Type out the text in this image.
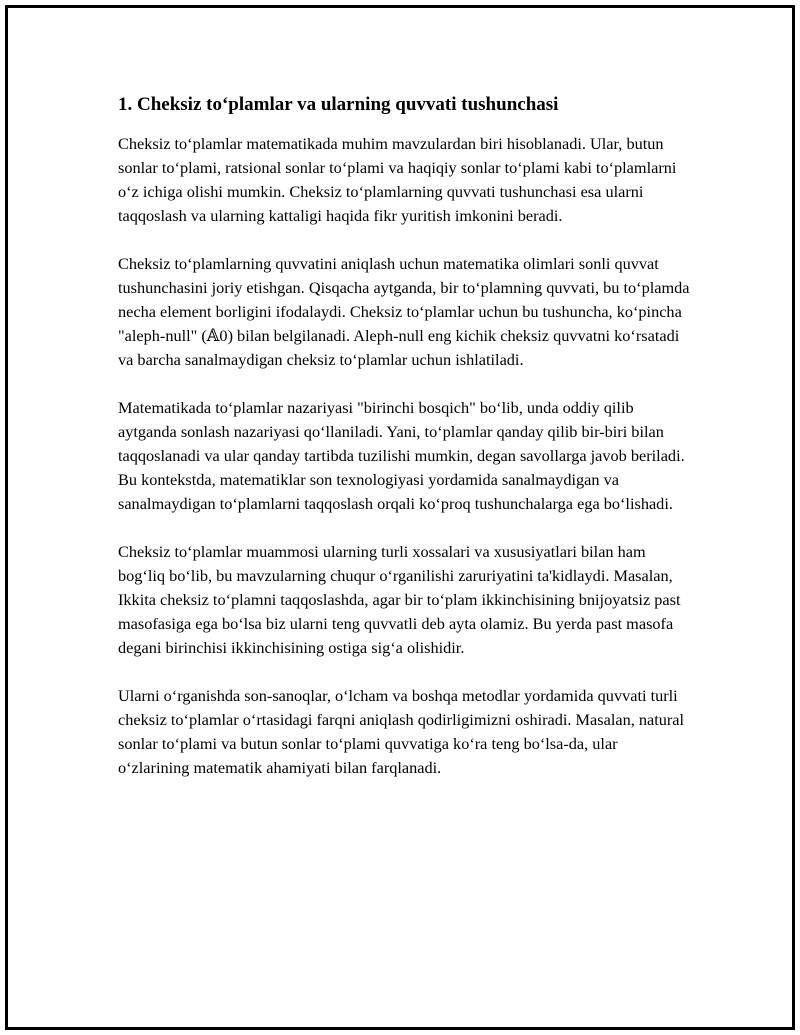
1. Cheksiz to‘plamlar va ularning quvvati tushunchasi

Cheksiz to‘plamlar matematikada muhim mavzulardan biri hisoblanadi. Ular, butun sonlar to‘plami, ratsional sonlar to‘plami va haqiqiy sonlar to‘plami kabi to‘plamlarni o‘z ichiga olishi mumkin. Cheksiz to‘plamlarning quvvati tushunchasi esa ularni taqqoslash va ularning kattaligi haqida fikr yuritish imkonini beradi.

Cheksiz to‘plamlarning quvvatini aniqlash uchun matematika olimlari sonli quvvat tushunchasini joriy etishgan. Qisqacha aytganda, bir to‘plamning quvvati, bu to‘plamda necha element borligini ifodalaydi. Cheksiz to‘plamlar uchun bu tushuncha, ko‘pincha "aleph-null" (𝔸0) bilan belgilanadi. Aleph-null eng kichik cheksiz quvvatni ko‘rsatadi va barcha sanalmaydigan cheksiz to‘plamlar uchun ishlatiladi.

Matematikada to‘plamlar nazariyasi "birinchi bosqich" bo‘lib, unda oddiy qilib aytganda sonlash nazariyasi qo‘llaniladi. Yani, to‘plamlar qanday qilib bir-biri bilan taqqoslanadi va ular qanday tartibda tuzilishi mumkin, degan savollarga javob beriladi. Bu kontekstda, matematiklar son texnologiyasi yordamida sanalmaydigan va sanalmaydigan to‘plamlarni taqqoslash orqali ko‘proq tushunchalarga ega bo‘lishadi.

Cheksiz to‘plamlar muammosi ularning turli xossalari va xususiyatlari bilan ham bog‘liq bo‘lib, bu mavzularning chuqur o‘rganilishi zaruriyatini ta'kidlaydi. Masalan, Ikkita cheksiz to‘plamni taqqoslashda, agar bir to‘plam ikkinchisining bnijoyatsiz past masofasiga ega bo‘lsa biz ularni teng quvvatli deb ayta olamiz. Bu yerda past masofa degani birinchisi ikkinchisining ostiga sig‘a olishidir.

Ularni o‘rganishda son-sanoqlar, o‘lcham va boshqa metodlar yordamida quvvati turli cheksiz to‘plamlar o‘rtasidagi farqni aniqlash qodirligimizni oshiradi. Masalan, natural sonlar to‘plami va butun sonlar to‘plami quvvatiga ko‘ra teng bo‘lsa-da, ular o‘zlarining matematik ahamiyati bilan farqlanadi.
